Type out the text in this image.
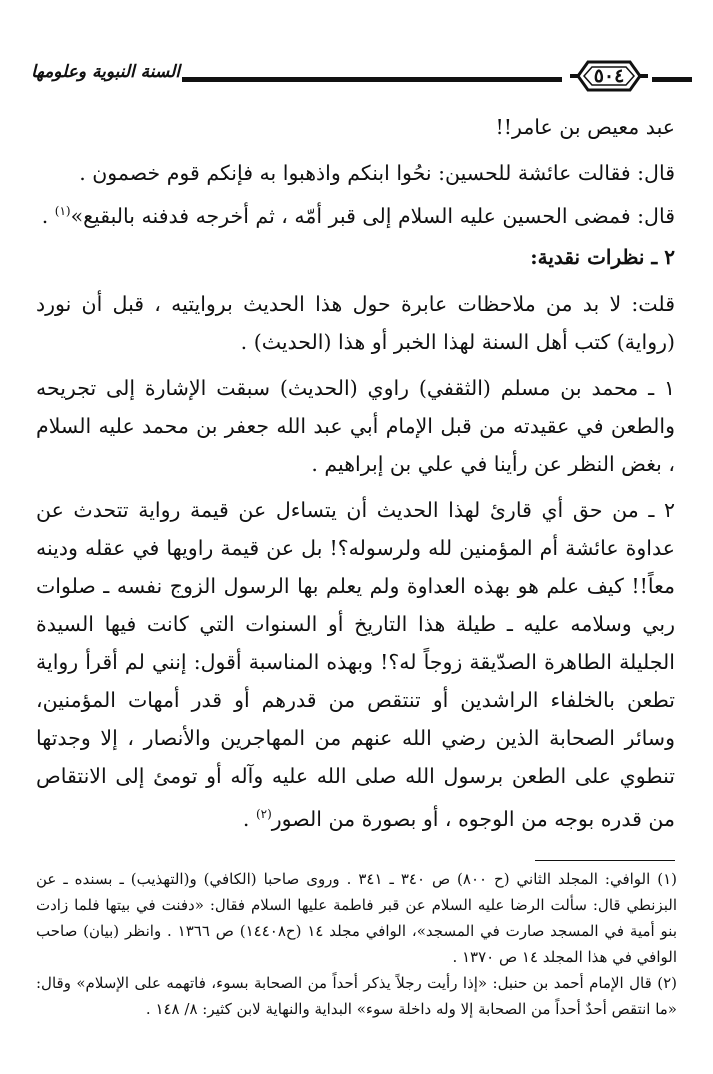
السنة النبوية وعلومها	٥٠٤

عبد معيص بن عامر!!

قال: فقالت عائشة للحسين: نحُوا ابنكم واذهبوا به فإنكم قوم خصمون .

قال: فمضى الحسين عليه السلام إلى قبر أمّه ، ثم أخرجه فدفنه بالبقيع»$^{(١)}$ .

٢ ـ نظرات نقدية:

قلت: لا بد من ملاحظات عابرة حول هذا الحديث بروايتيه ، قبل أن نورد (رواية) كتب أهل السنة لهذا الخبر أو هذا (الحديث) .

١ ـ محمد بن مسلم (الثقفي) راوي (الحديث) سبقت الإشارة إلى تجريحه والطعن في عقيدته من قبل الإمام أبي عبد الله جعفر بن محمد عليه السلام ، بغض النظر عن رأينا في علي بن إبراهيم .

٢ ـ من حق أي قارئ لهذا الحديث أن يتساءل عن قيمة رواية تتحدث عن عداوة عائشة أم المؤمنين لله ولرسوله؟! بل عن قيمة راويها في عقله ودينه معاً!! كيف علم هو بهذه العداوة ولم يعلم بها الرسول الزوج نفسه ـ صلوات ربي وسلامه عليه ـ طيلة هذا التاريخ أو السنوات التي كانت فيها السيدة الجليلة الطاهرة الصدّيقة زوجاً له؟! وبهذه المناسبة أقول: إنني لم أقرأ رواية تطعن بالخلفاء الراشدين أو تنتقص من قدرهم أو قدر أمهات المؤمنين، وسائر الصحابة الذين رضي الله عنهم من المهاجرين والأنصار ، إلا وجدتها تنطوي على الطعن برسول الله صلى الله عليه وآله أو تومئ إلى الانتقاص من قدره بوجه من الوجوه ، أو بصورة من الصور$^{(٢)}$ .

(١) الوافي: المجلد الثاني (ح ٨٠٠) ص ٣٤٠ ـ ٣٤١ . وروى صاحبا (الكافي) و(التهذيب) ـ بسنده ـ عن البزنطي قال: سألت الرضا عليه السلام عن قبر فاطمة عليها السلام فقال: «دفنت في بيتها فلما زادت بنو أمية في المسجد صارت في المسجد»، الوافي مجلد ١٤ (ح١٤٤٠٨) ص ١٣٦٦ . وانظر (بيان) صاحب الوافي في هذا المجلد ١٤ ص ١٣٧٠ .

(٢) قال الإمام أحمد بن حنبل: «إذا رأيت رجلاً يذكر أحداً من الصحابة بسوء، فاتهمه على الإسلام» وقال: «ما انتقص أحدٌ أحداً من الصحابة إلا وله داخلة سوء» البداية والنهاية لابن كثير: ٨/ ١٤٨ .
